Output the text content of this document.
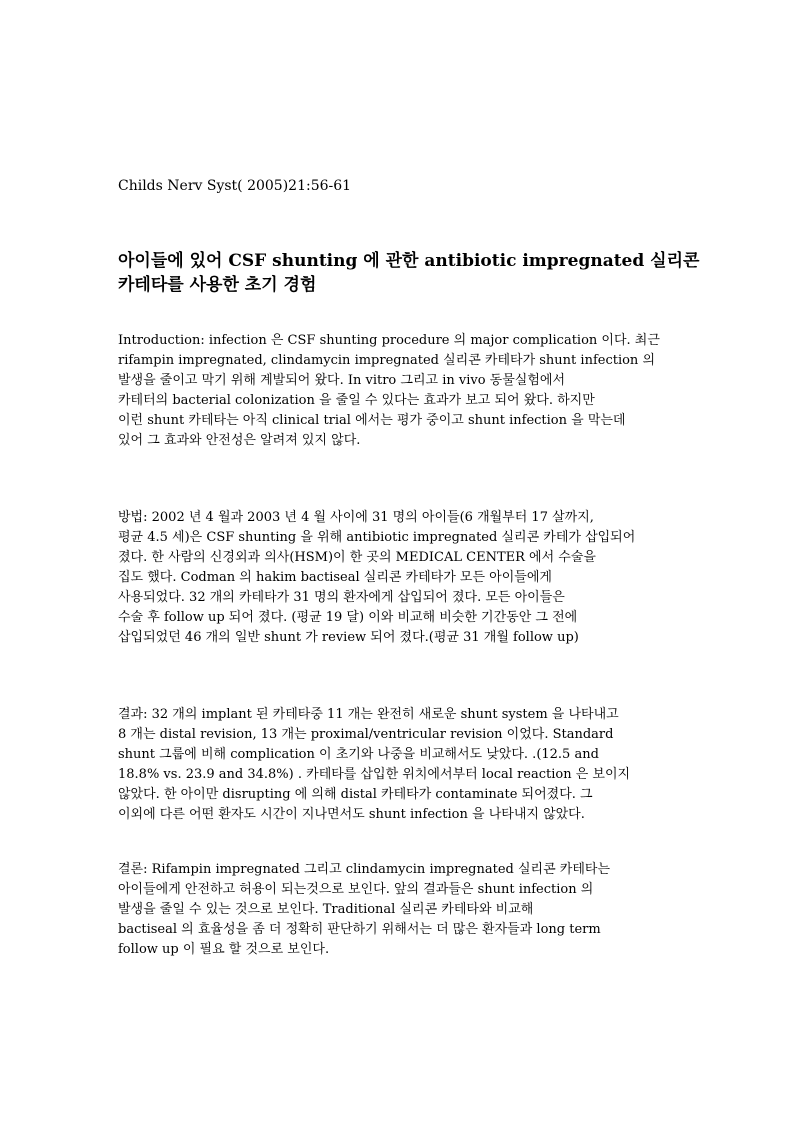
Childs Nerv Syst( 2005)21:56-61
아이들에 있어 CSF shunting 에 관한 antibiotic impregnated 실리콘
카테타를 사용한 초기 경험
Introduction: infection 은 CSF shunting procedure 의 major complication 이다. 최근
rifampin impregnated, clindamycin impregnated 실리콘 카테타가 shunt infection 의
발생을 줄이고 막기 위해 계발되어 왔다. In vitro 그리고 in vivo 동물실험에서
카테터의 bacterial colonization 을 줄일 수 있다는 효과가 보고 되어 왔다. 하지만
이런 shunt 카테타는 아직 clinical trial 에서는 평가 중이고 shunt infection 을 막는데
있어 그 효과와 안전성은 알려져 있지 않다.
방법: 2002 년 4 월과 2003 년 4 월 사이에 31 명의 아이들(6 개월부터 17 살까지,
평균 4.5 세)은 CSF shunting 을 위해 antibiotic impregnated 실리콘 카테가 삽입되어
졌다. 한 사람의 신경외과 의사(HSM)이 한 곳의 MEDICAL CENTER 에서 수술을
집도 했다. Codman 의 hakim bactiseal 실리콘 카테타가 모든 아이들에게
사용되었다. 32 개의 카테타가 31 명의 환자에게 삽입되어 졌다. 모든 아이들은
수술 후 follow up 되어 졌다. (평균 19 달) 이와 비교해 비슷한 기간동안 그 전에
삽입되었던 46 개의 일반 shunt 가 review 되어 졌다.(평균 31 개월 follow up)
결과: 32 개의 implant 된 카테타중 11 개는 완전히 새로운 shunt system 을 나타내고
8 개는 distal revision, 13 개는 proximal/ventricular revision 이었다. Standard
shunt 그룹에 비해 complication 이 초기와 나중을 비교해서도 낮았다. .(12.5 and
18.8% vs. 23.9 and 34.8%) . 카테타를 삽입한 위치에서부터 local reaction 은 보이지
않았다. 한 아이만 disrupting 에 의해 distal 카테타가 contaminate 되어졌다. 그
이외에 다른 어떤 환자도 시간이 지나면서도 shunt infection 을 나타내지 않았다.
결론: Rifampin impregnated 그리고 clindamycin impregnated 실리콘 카테타는
아이들에게 안전하고 허용이 되는것으로 보인다. 앞의 결과들은 shunt infection 의
발생을 줄일 수 있는 것으로 보인다. Traditional 실리콘 카테타와 비교해
bactiseal 의 효율성을 좀 더 정확히 판단하기 위해서는 더 많은 환자들과 long term
follow up 이 필요 할 것으로 보인다.
